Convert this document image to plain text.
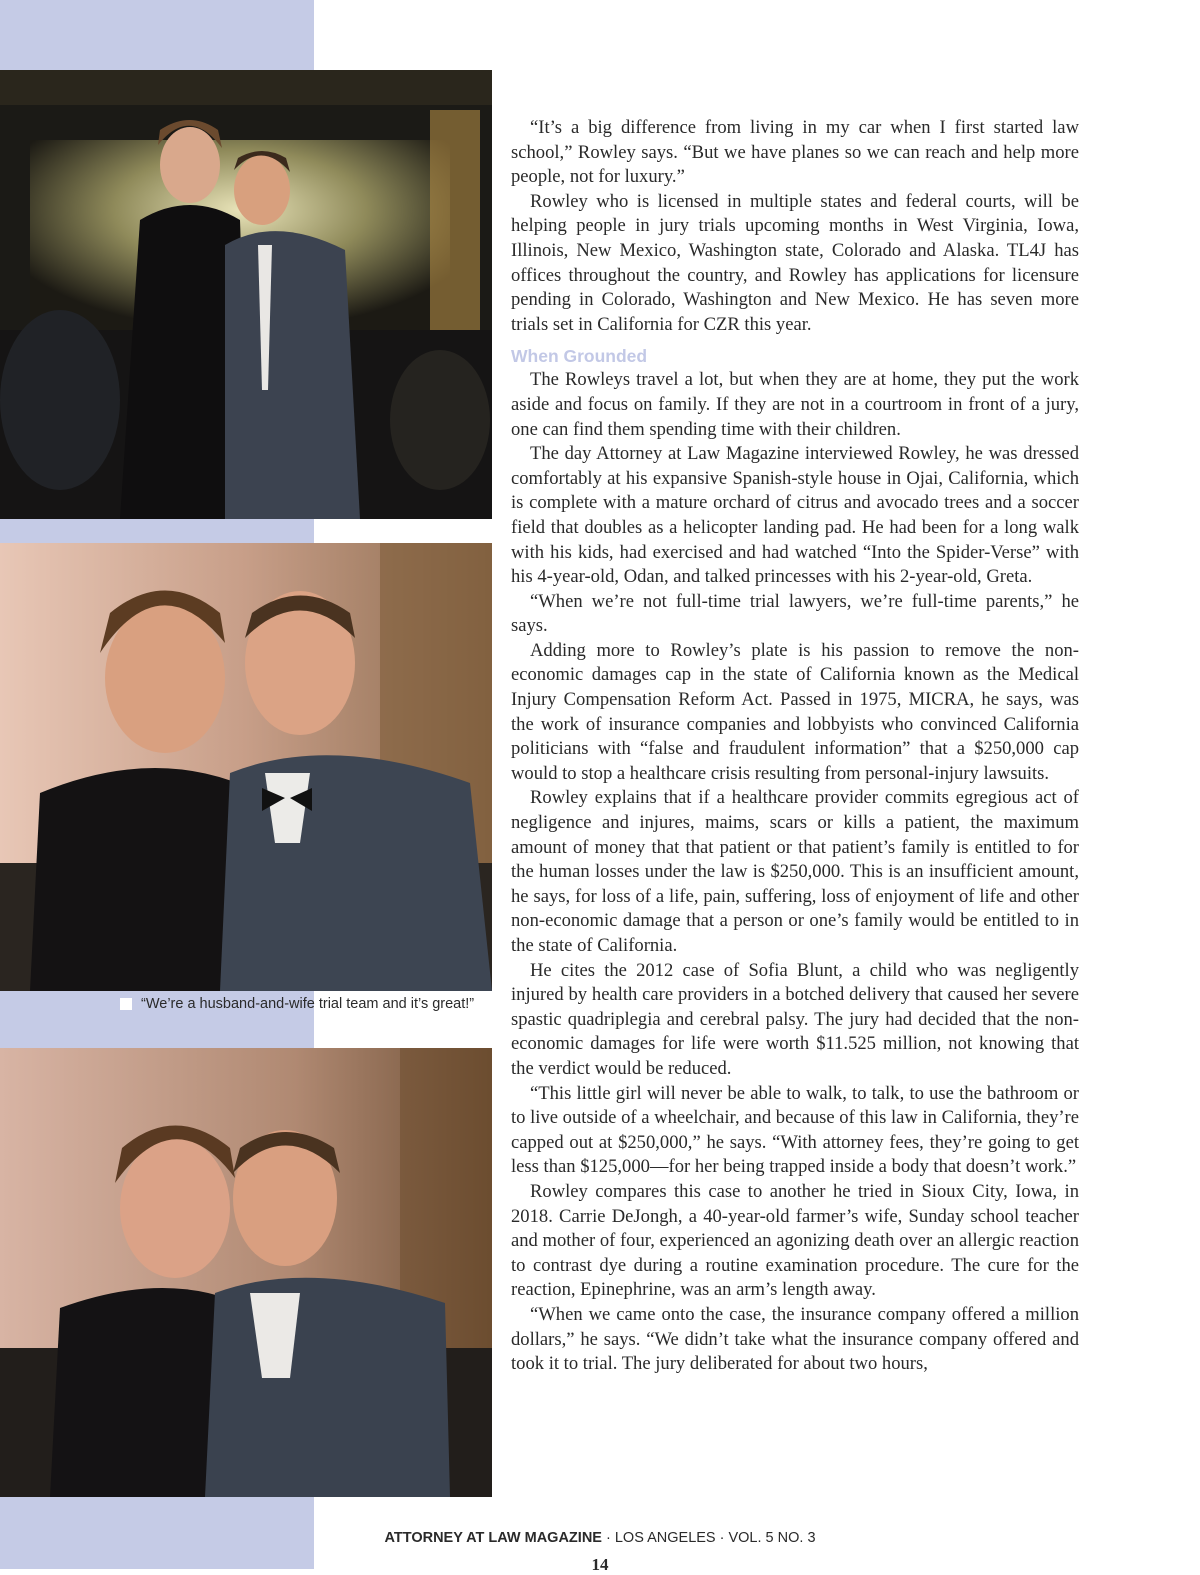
“We’re a husband-and-wife trial team and it’s great!”

“It’s a big difference from living in my car when I first started law school,” Rowley says. “But we have planes so we can reach and help more people, not for luxury.”

Rowley who is licensed in multiple states and federal courts, will be helping people in jury trials upcoming months in West Virginia, Iowa, Illinois, New Mexico, Washington state, Colorado and Alaska. TL4J has offices throughout the country, and Rowley has applications for licensure pending in Colorado, Washington and New Mexico. He has seven more trials set in California for CZR this year.

When Grounded

The Rowleys travel a lot, but when they are at home, they put the work aside and focus on family. If they are not in a courtroom in front of a jury, one can find them spending time with their children.

The day Attorney at Law Magazine interviewed Rowley, he was dressed comfortably at his expansive Spanish-style house in Ojai, California, which is complete with a mature orchard of citrus and avocado trees and a soccer field that doubles as a helicopter landing pad. He had been for a long walk with his kids, had exercised and had watched “Into the Spider-Verse” with his 4-year-old, Odan, and talked princesses with his 2-year-old, Greta.

“When we’re not full-time trial lawyers, we’re full-time parents,” he says.

Adding more to Rowley’s plate is his passion to remove the non-economic damages cap in the state of California known as the Medical Injury Compensation Reform Act. Passed in 1975, MICRA, he says, was the work of insurance companies and lobbyists who convinced California politicians with “false and fraudulent information” that a $250,000 cap would to stop a healthcare crisis resulting from personal-injury lawsuits.

Rowley explains that if a healthcare provider commits egregious act of negligence and injures, maims, scars or kills a patient, the maximum amount of money that that patient or that patient’s family is entitled to for the human losses under the law is $250,000. This is an insufficient amount, he says, for loss of a life, pain, suffering, loss of enjoyment of life and other non-economic damage that a person or one’s family would be entitled to in the state of California.

He cites the 2012 case of Sofia Blunt, a child who was negligently injured by health care providers in a botched delivery that caused her severe spastic quadriplegia and cerebral palsy. The jury had decided that the non-economic damages for life were worth $11.525 million, not knowing that the verdict would be reduced.

“This little girl will never be able to walk, to talk, to use the bathroom or to live outside of a wheelchair, and because of this law in California, they’re capped out at $250,000,” he says. “With attorney fees, they’re going to get less than $125,000—for her being trapped inside a body that doesn’t work.”

Rowley compares this case to another he tried in Sioux City, Iowa, in 2018. Carrie DeJongh, a 40-year-old farmer’s wife, Sunday school teacher and mother of four, experienced an agonizing death over an allergic reaction to contrast dye during a routine examination procedure. The cure for the reaction, Epinephrine, was an arm’s length away.

“When we came onto the case, the insurance company offered a million dollars,” he says. “We didn’t take what the insurance company offered and took it to trial. The jury deliberated for about two hours,

ATTORNEY AT LAW MAGAZINE · LOS ANGELES · VOL. 5 NO. 3
14
